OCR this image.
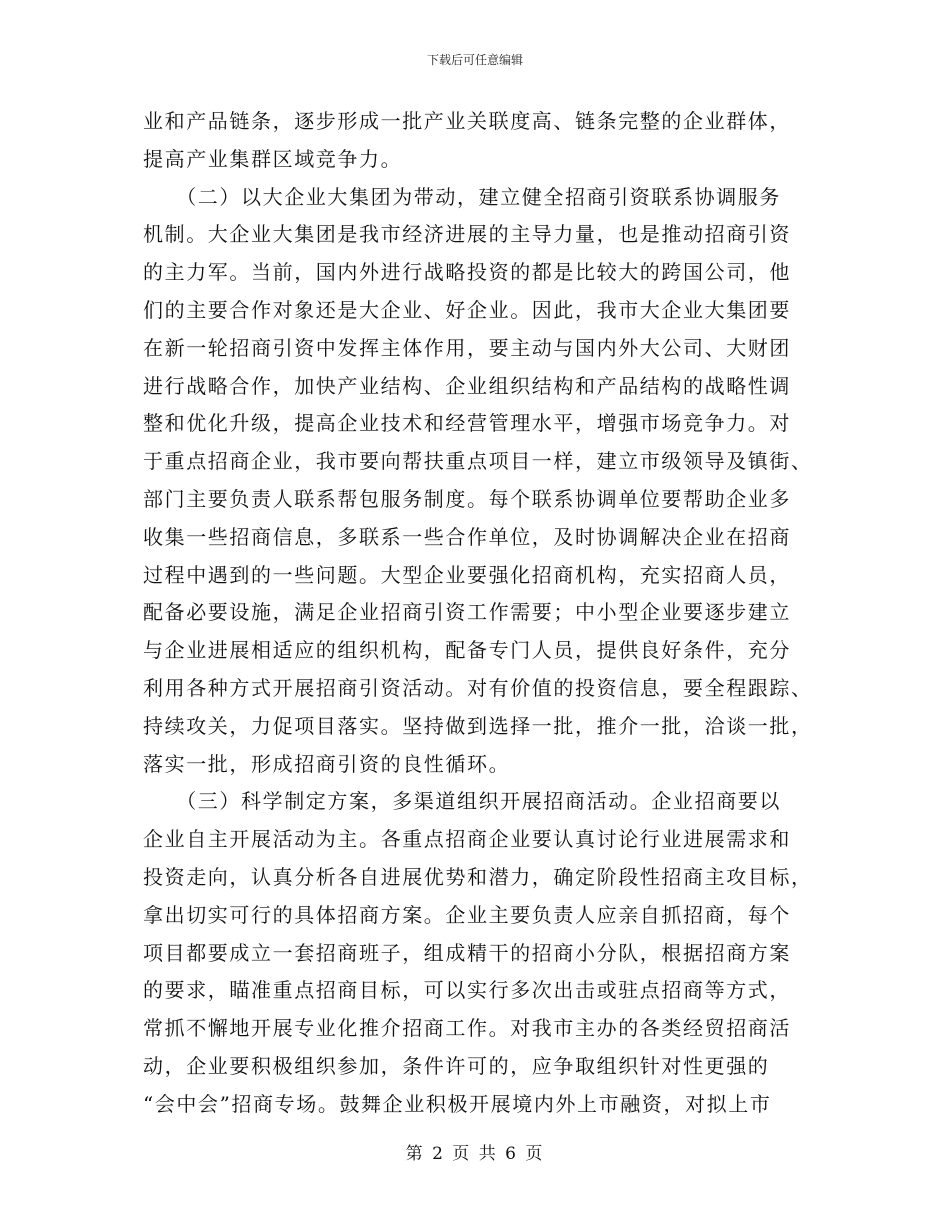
下载后可任意编辑
业和产品链条，逐步形成一批产业关联度高、链条完整的企业群体，
提高产业集群区域竞争力。
　　（二）以大企业大集团为带动，建立健全招商引资联系协调服务
机制。大企业大集团是我市经济进展的主导力量，也是推动招商引资
的主力军。当前，国内外进行战略投资的都是比较大的跨国公司，他
们的主要合作对象还是大企业、好企业。因此，我市大企业大集团要
在新一轮招商引资中发挥主体作用，要主动与国内外大公司、大财团
进行战略合作，加快产业结构、企业组织结构和产品结构的战略性调
整和优化升级，提高企业技术和经营管理水平，增强市场竞争力。对
于重点招商企业，我市要向帮扶重点项目一样，建立市级领导及镇街、
部门主要负责人联系帮包服务制度。每个联系协调单位要帮助企业多
收集一些招商信息，多联系一些合作单位，及时协调解决企业在招商
过程中遇到的一些问题。大型企业要强化招商机构，充实招商人员，
配备必要设施，满足企业招商引资工作需要；中小型企业要逐步建立
与企业进展相适应的组织机构，配备专门人员，提供良好条件，充分
利用各种方式开展招商引资活动。对有价值的投资信息，要全程跟踪、
持续攻关，力促项目落实。坚持做到选择一批，推介一批，洽谈一批，
落实一批，形成招商引资的良性循环。
　　（三）科学制定方案，多渠道组织开展招商活动。企业招商要以
企业自主开展活动为主。各重点招商企业要认真讨论行业进展需求和
投资走向，认真分析各自进展优势和潜力，确定阶段性招商主攻目标，
拿出切实可行的具体招商方案。企业主要负责人应亲自抓招商，每个
项目都要成立一套招商班子，组成精干的招商小分队，根据招商方案
的要求，瞄准重点招商目标，可以实行多次出击或驻点招商等方式，
常抓不懈地开展专业化推介招商工作。对我市主办的各类经贸招商活
动，企业要积极组织参加，条件许可的，应争取组织针对性更强的
“会中会”招商专场。鼓舞企业积极开展境内外上市融资，对拟上市
第 2 页 共 6 页
